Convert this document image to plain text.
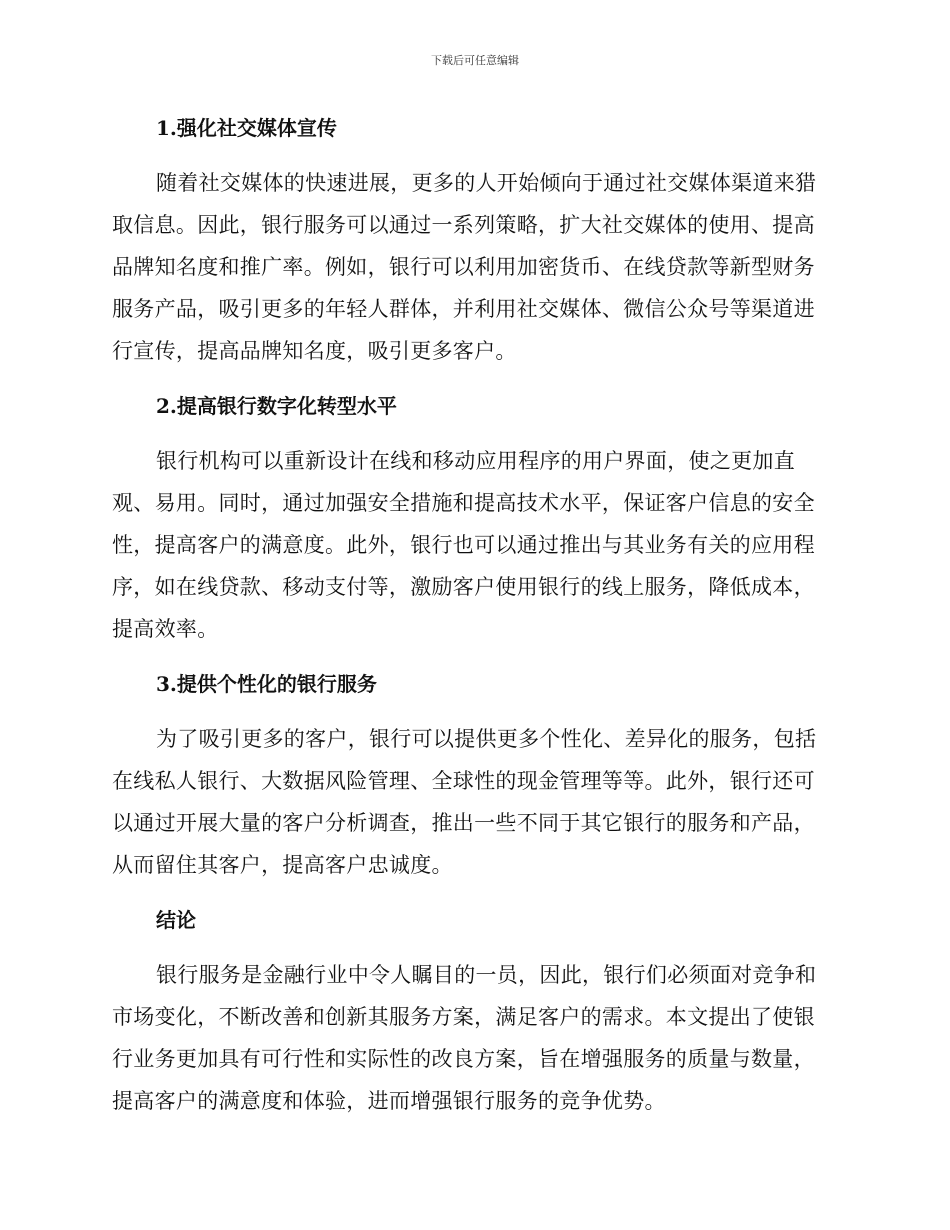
下载后可任意编辑
1.强化社交媒体宣传

随着社交媒体的快速进展，更多的人开始倾向于通过社交媒体渠道来猎取信息。因此，银行服务可以通过一系列策略，扩大社交媒体的使用、提高品牌知名度和推广率。例如，银行可以利用加密货币、在线贷款等新型财务服务产品，吸引更多的年轻人群体，并利用社交媒体、微信公众号等渠道进行宣传，提高品牌知名度，吸引更多客户。

2.提高银行数字化转型水平

银行机构可以重新设计在线和移动应用程序的用户界面，使之更加直观、易用。同时，通过加强安全措施和提高技术水平，保证客户信息的安全性，提高客户的满意度。此外，银行也可以通过推出与其业务有关的应用程序，如在线贷款、移动支付等，激励客户使用银行的线上服务，降低成本，提高效率。

3.提供个性化的银行服务

为了吸引更多的客户，银行可以提供更多个性化、差异化的服务，包括在线私人银行、大数据风险管理、全球性的现金管理等等。此外，银行还可以通过开展大量的客户分析调查，推出一些不同于其它银行的服务和产品，从而留住其客户，提高客户忠诚度。

结论

银行服务是金融行业中令人瞩目的一员，因此，银行们必须面对竞争和市场变化，不断改善和创新其服务方案，满足客户的需求。本文提出了使银行业务更加具有可行性和实际性的改良方案，旨在增强服务的质量与数量，提高客户的满意度和体验，进而增强银行服务的竞争优势。
